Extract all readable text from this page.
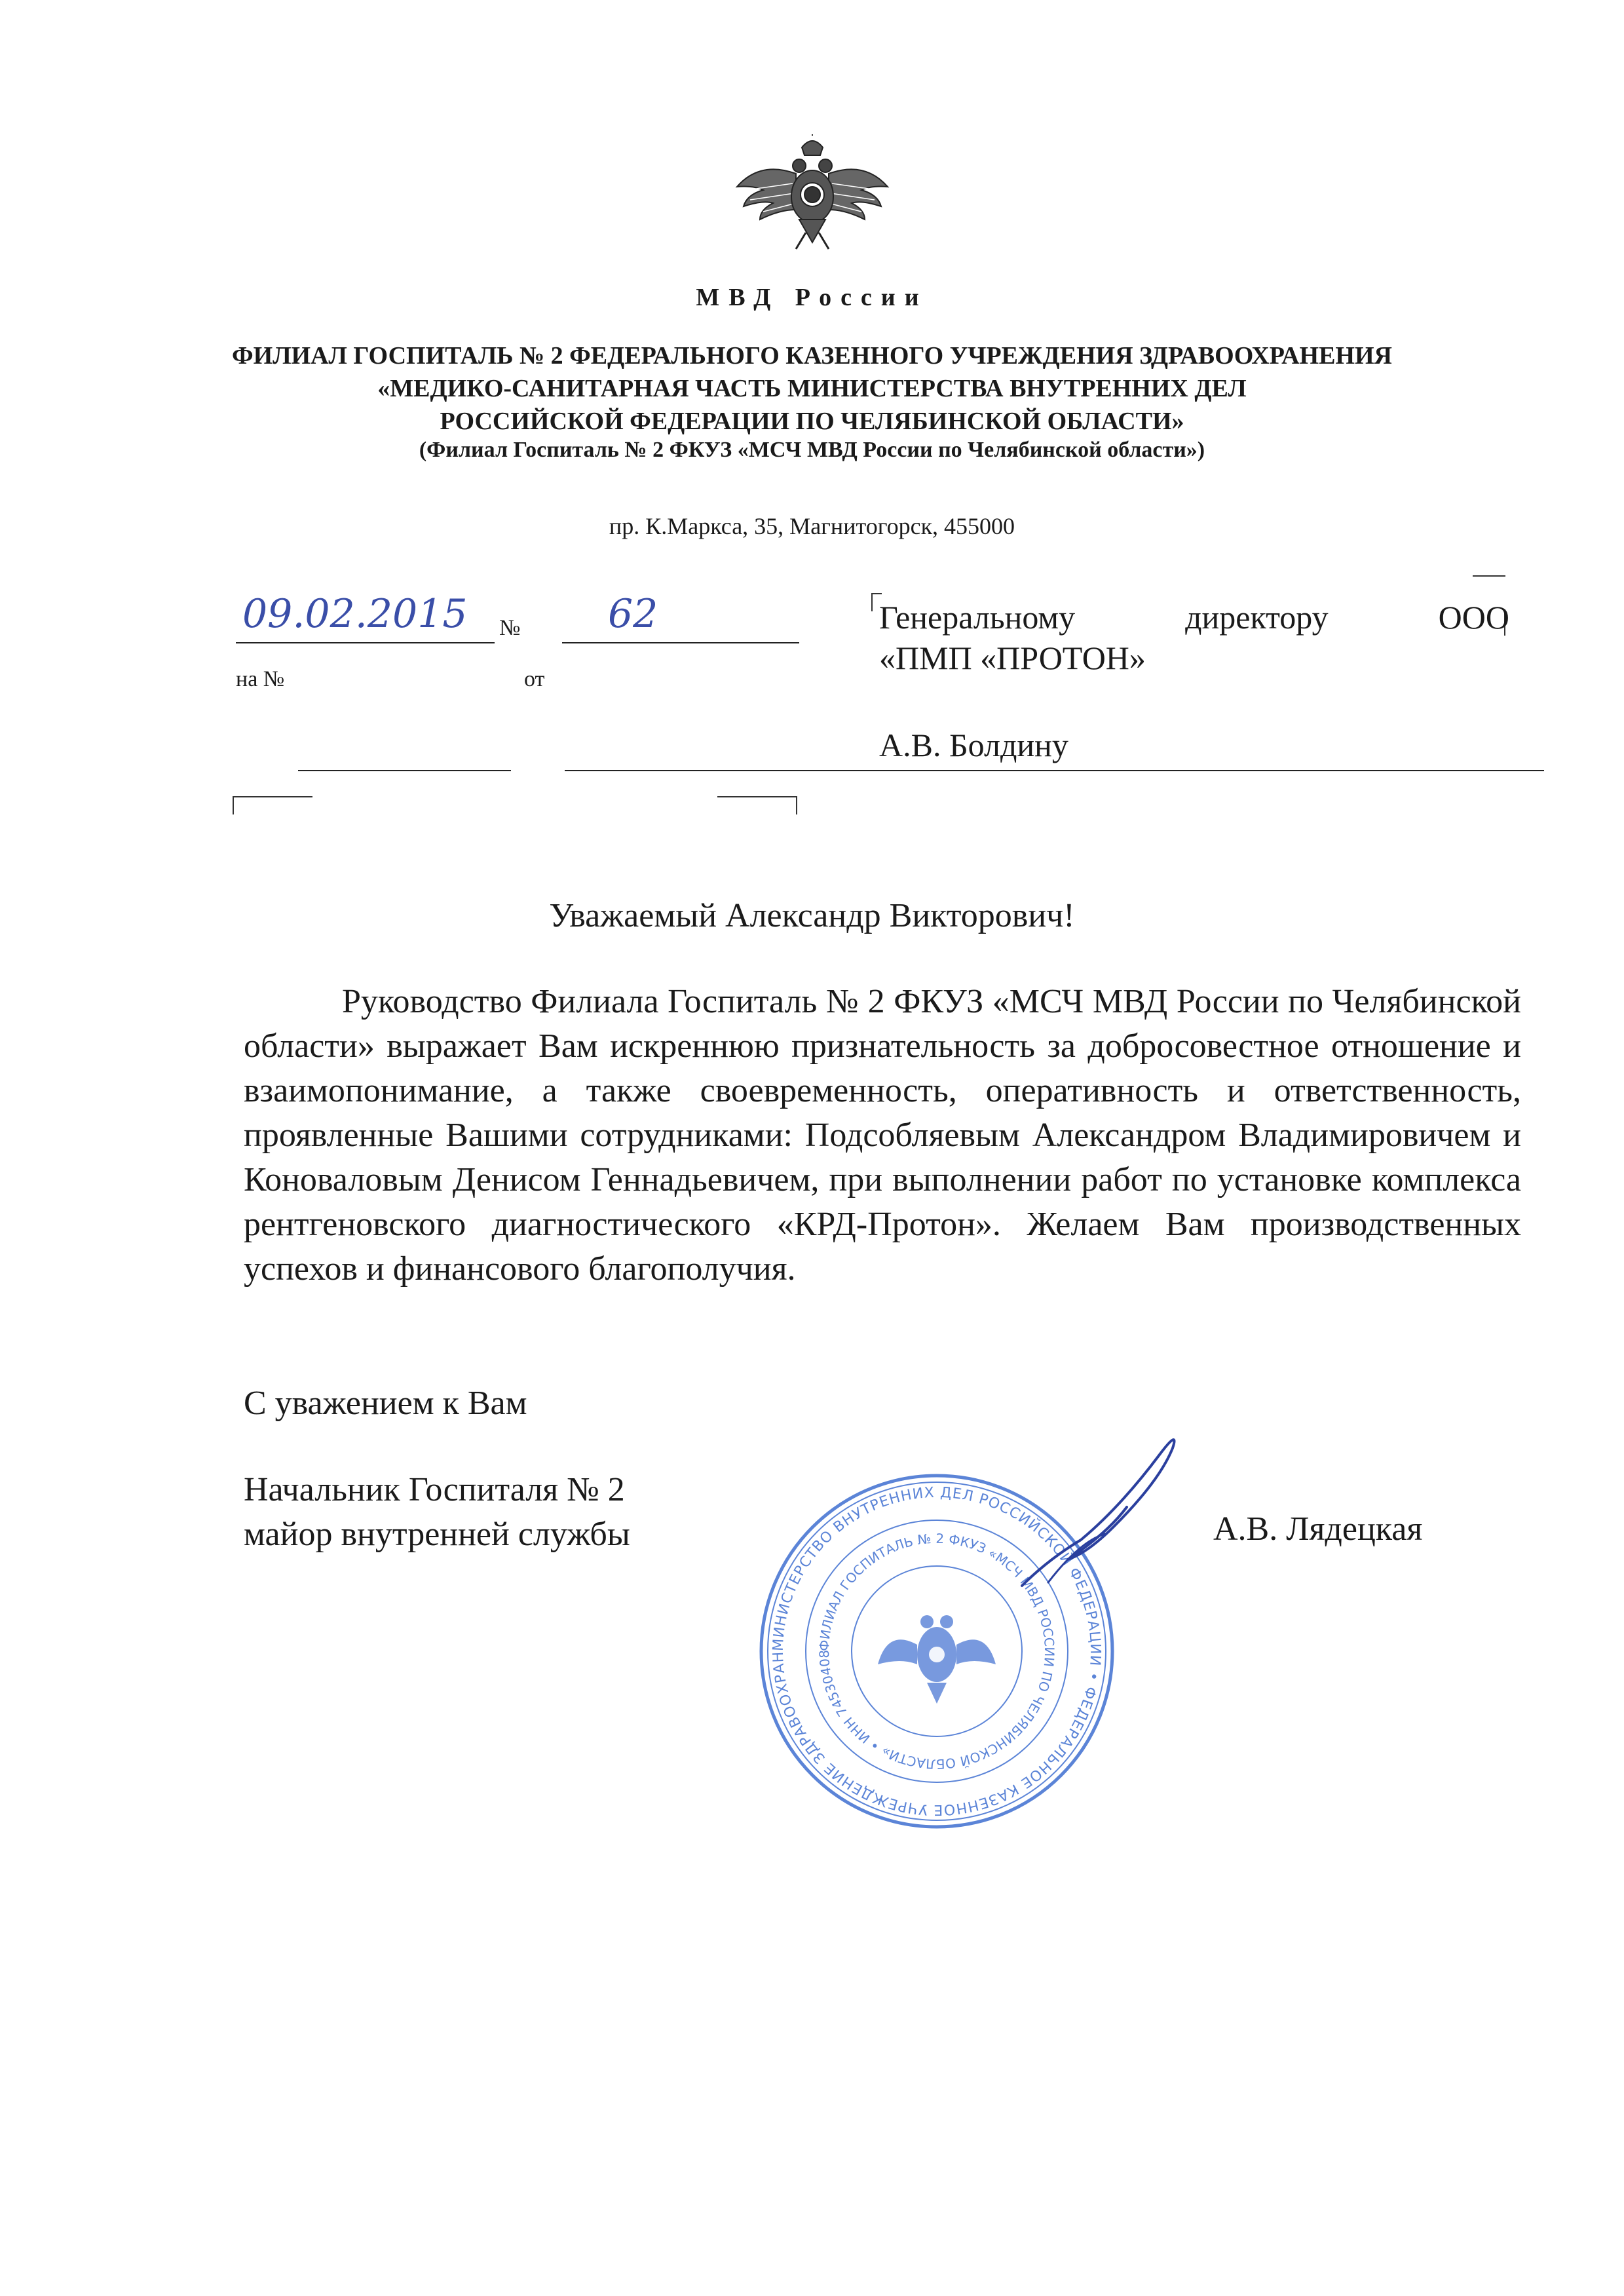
МВД России
ФИЛИАЛ ГОСПИТАЛЬ № 2 ФЕДЕРАЛЬНОГО КАЗЕННОГО УЧРЕЖДЕНИЯ ЗДРАВООХРАНЕНИЯ
«МЕДИКО-САНИТАРНАЯ ЧАСТЬ МИНИСТЕРСТВА ВНУТРЕННИХ ДЕЛ
РОССИЙСКОЙ ФЕДЕРАЦИИ ПО ЧЕЛЯБИНСКОЙ ОБЛАСТИ»
(Филиал Госпиталь № 2 ФКУЗ «МСЧ МВД России по Челябинской области»)
пр. К.Маркса, 35, Магнитогорск, 455000
09.02.2015 № 62
на №	от
Генеральному директору ООО
«ПМП «ПРОТОН»
А.В. Болдину
Уважаемый Александр Викторович!
Руководство Филиала Госпиталь № 2 ФКУЗ «МСЧ МВД России по Челябинской области» выражает Вам искреннюю признательность за добросовестное отношение и взаимопонимание, а также своевременность, оперативность и ответственность, проявленные Вашими сотрудниками: Подсобляевым Александром Владимировичем и Коноваловым Денисом Геннадьевичем, при выполнении работ по установке комплекса рентгеновского диагностического «КРД-Протон». Желаем Вам производственных успехов и финансового благополучия.
С уважением к Вам
Начальник Госпиталя № 2
майор внутренней службы	А.В. Лядецкая
МИНИСТЕРСТВО ВНУТРЕННИХ ДЕЛ РОССИЙСКОЙ ФЕДЕРАЦИИ • ФЕДЕРАЛЬНОЕ КАЗЕННОЕ УЧРЕЖДЕНИЕ ЗДРАВООХРАН
ФИЛИАЛ ГОСПИТАЛЬ № 2 ФКУЗ «МСЧ МВД РОССИИ ПО ЧЕЛЯБИНСКОЙ ОБЛАСТИ» • ИНН 74530408
